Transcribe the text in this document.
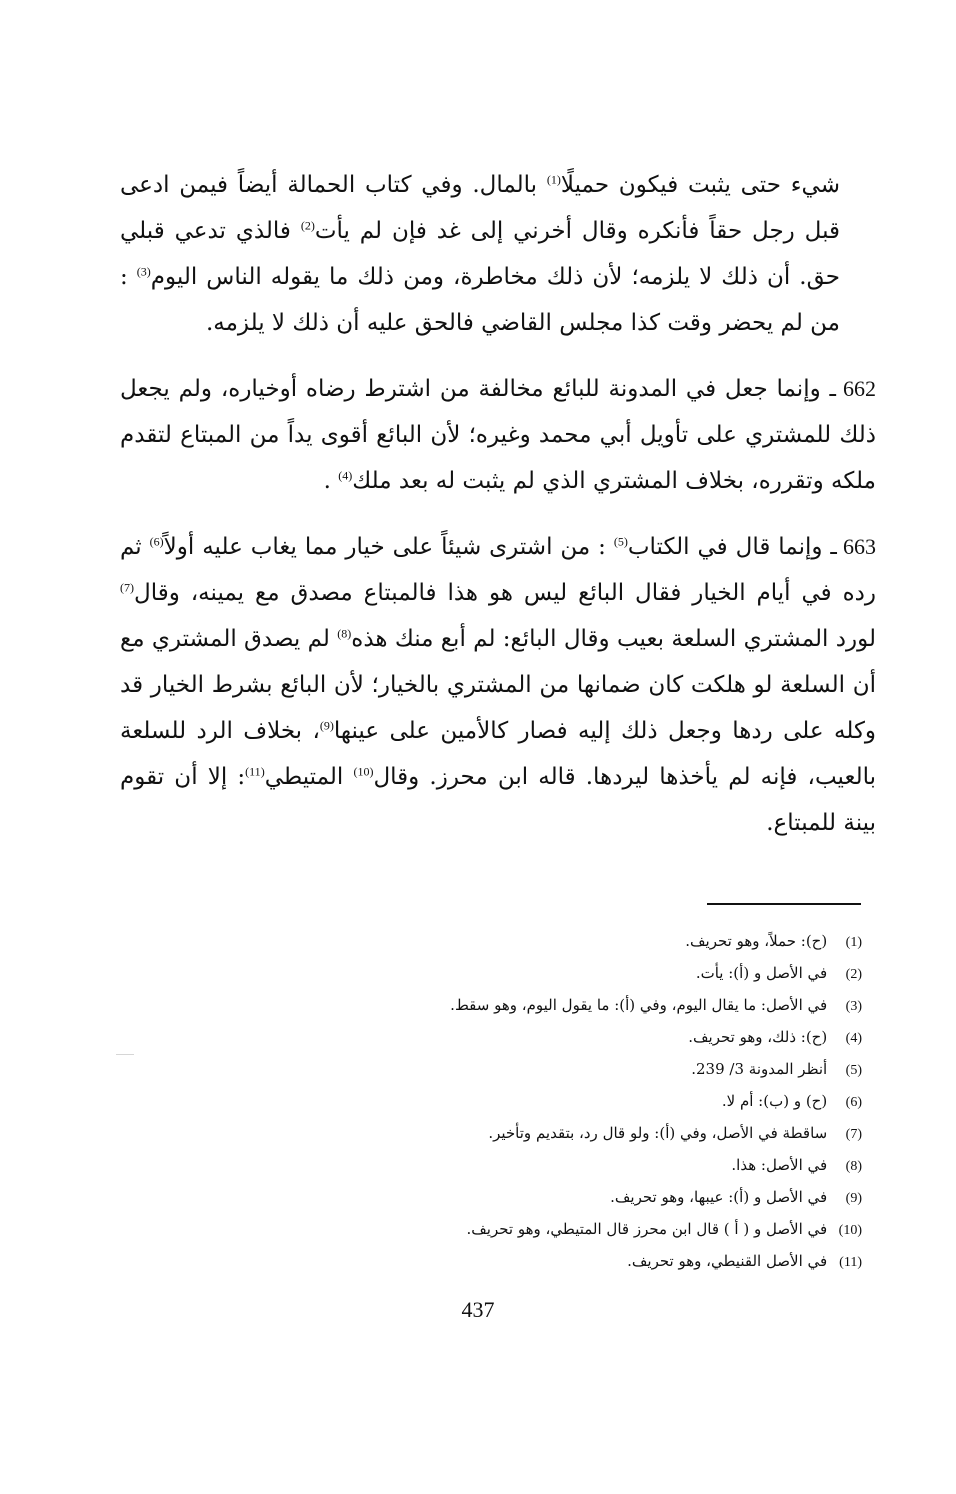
شيء حتى يثبت فيكون حميلًا$^{(1)}$ بالمال. وفي كتاب الحمالة أيضاً فيمن ادعى قبل رجل حقاً فأنكره وقال أخرني إلى غد فإن لم يأت$^{(2)}$ فالذي تدعي قبلي حق. أن ذلك لا يلزمه؛ لأن ذلك مخاطرة، ومن ذلك ما يقوله الناس اليوم$^{(3)}$ : من لم يحضر وقت كذا مجلس القاضي فالحق عليه أن ذلك لا يلزمه.

662 ـ وإنما جعل في المدونة للبائع مخالفة من اشترط رضاه أوخياره، ولم يجعل ذلك للمشتري على تأويل أبي محمد وغيره؛ لأن البائع أقوى يداً من المبتاع لتقدم ملكه وتقرره، بخلاف المشتري الذي لم يثبت له بعد ملك$^{(4)}$ .

663 ـ وإنما قال في الكتاب$^{(5)}$ : من اشترى شيئاً على خيار مما يغاب عليه أولاً$^{(6)}$ ثم رده في أيام الخيار فقال البائع ليس هو هذا فالمبتاع مصدق مع يمينه، وقال$^{(7)}$ لورد المشتري السلعة بعيب وقال البائع: لم أبع منك هذه$^{(8)}$ لم يصدق المشتري مع أن السلعة لو هلكت كان ضمانها من المشتري بالخيار؛ لأن البائع بشرط الخيار قد وكله على ردها وجعل ذلك إليه فصار كالأمين على عينها$^{(9)}$، بخلاف الرد للسلعة بالعيب، فإنه لم يأخذها ليردها. قاله ابن محرز. وقال$^{(10)}$ المتيطي$^{(11)}$: إلا أن تقوم بينة للمبتاع.

(1) (ح): حملاً، وهو تحريف.
(2) في الأصل و (أ): يأت.
(3) في الأصل: ما يقال اليوم، وفي (أ): ما يقول اليوم، وهو سقط.
(4) (ح): ذلك، وهو تحريف.
(5) أنظر المدونة 3/ 239.
(6) (ح) و (ب): أم لا.
(7) ساقطة في الأصل، وفي (أ): ولو قال رد، بتقديم وتأخير.
(8) في الأصل: هذا.
(9) في الأصل و (أ): عيبها، وهو تحريف.
(10) في الأصل و ( أ ) قال ابن محرز قال المتيطي، وهو تحريف.
(11) في الأصل القنيطي، وهو تحريف.
437
